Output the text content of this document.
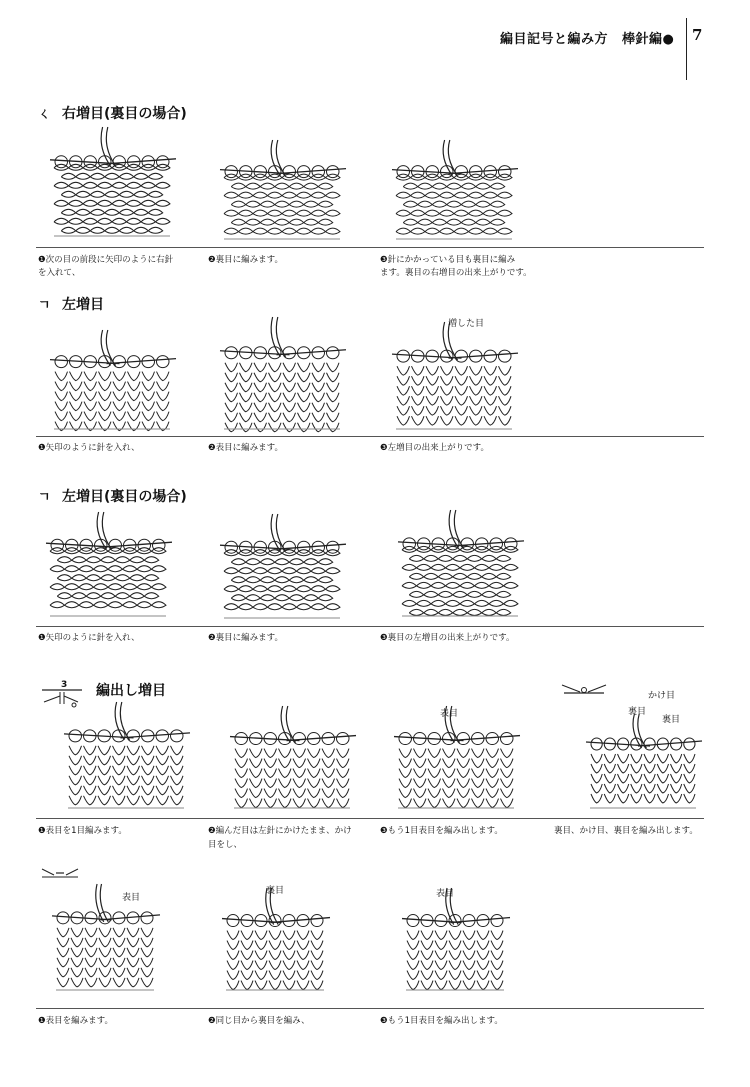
編目記号と編み方 棒針編● 7
ㄑ 右増目(裏目の場合)
❶次の目の前段に矢印のように右針
を入れて、
❷裏目に編みます。	❸針にかかっている目も裏目に編み
ます。裏目の右増目の出来上がりです。
ㄱ 左増目
増した目
❶矢印のように針を入れ、	❷表目に編みます。	❸左増目の出来上がりです。
ㄱ 左増目(裏目の場合)
❶矢印のように針を入れ、	❷裏目に編みます。	❸裏目の左増目の出来上がりです。
3 編出し増目	かけ目
裏目
裏目
表目
❶表目を1目編みます。	❷編んだ目は左針にかけたまま、かけ
目をし、
❸もう1目表目を編み出します。	裏目、かけ目、裏目を編み出します。
表目
裏目	表目
❶表目を編みます。	❷同じ目から裏目を編み、	❸もう1目表目を編み出します。
